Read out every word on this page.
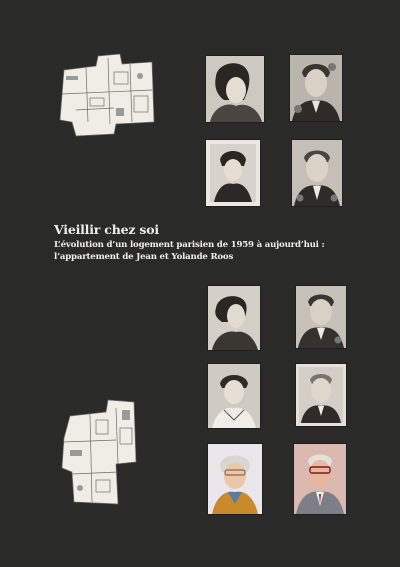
Vieillir chez soi

L’évolution d’un logement parisien de 1959 à aujourd’hui :

l’appartement de Jean et Yolande Roos
